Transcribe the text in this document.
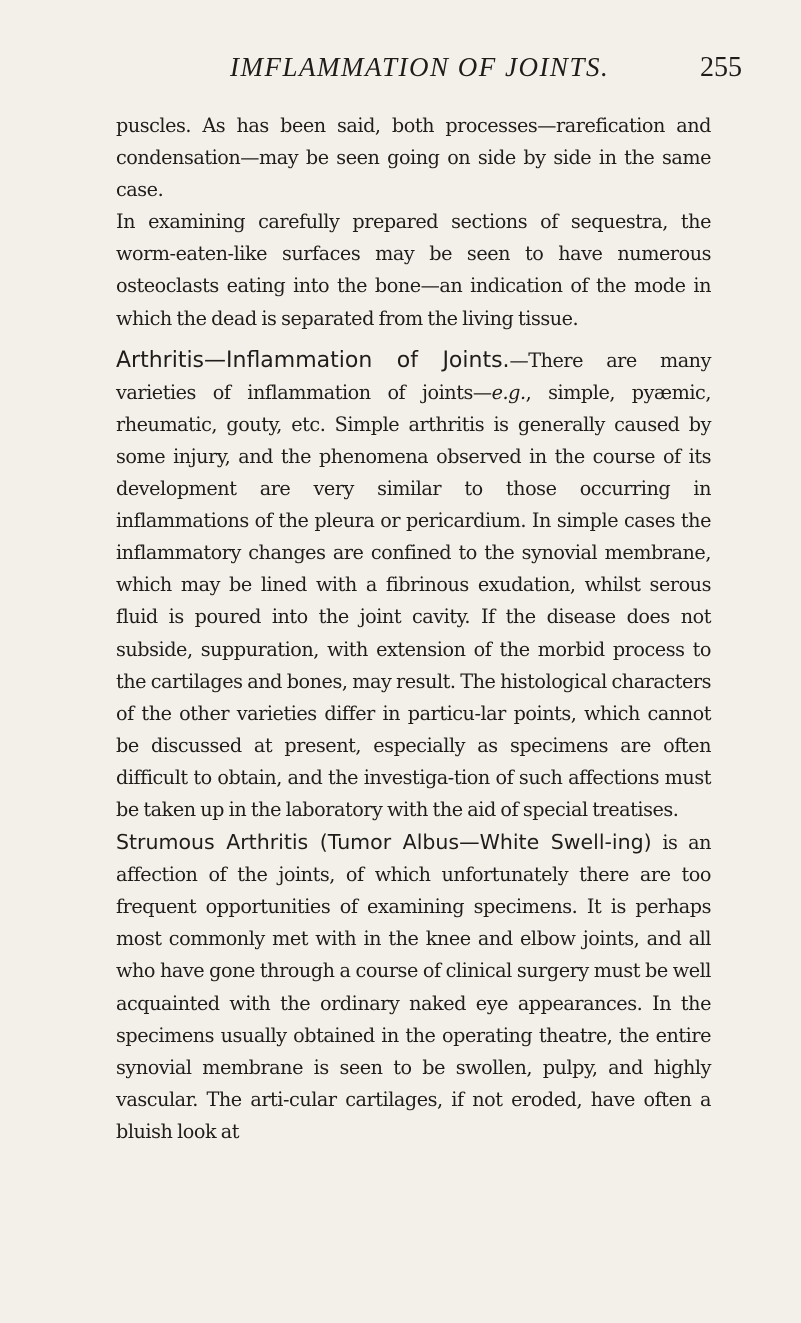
IMFLAMMATION OF JOINTS.	255

puscles. As has been said, both processes—rarefication and condensation—may be seen going on side by side in the same case.

In examining carefully prepared sections of sequestra, the worm-eaten-like surfaces may be seen to have numerous osteoclasts eating into the bone—an indication of the mode in which the dead is separated from the living tissue.

Arthritis—Inflammation of Joints.—There are many varieties of inflammation of joints—e.g., simple, pyæmic, rheumatic, gouty, etc. Simple arthritis is generally caused by some injury, and the phenomena observed in the course of its development are very similar to those occurring in inflammations of the pleura or pericardium. In simple cases the inflammatory changes are confined to the synovial membrane, which may be lined with a fibrinous exudation, whilst serous fluid is poured into the joint cavity. If the disease does not subside, suppuration, with extension of the morbid process to the cartilages and bones, may result. The histological characters of the other varieties differ in particu-lar points, which cannot be discussed at present, especially as specimens are often difficult to obtain, and the investiga-tion of such affections must be taken up in the laboratory with the aid of special treatises.

Strumous Arthritis (Tumor Albus—White Swell-ing) is an affection of the joints, of which unfortunately there are too frequent opportunities of examining specimens. It is perhaps most commonly met with in the knee and elbow joints, and all who have gone through a course of clinical surgery must be well acquainted with the ordinary naked eye appearances. In the specimens usually obtained in the operating theatre, the entire synovial membrane is seen to be swollen, pulpy, and highly vascular. The arti-cular cartilages, if not eroded, have often a bluish look at
